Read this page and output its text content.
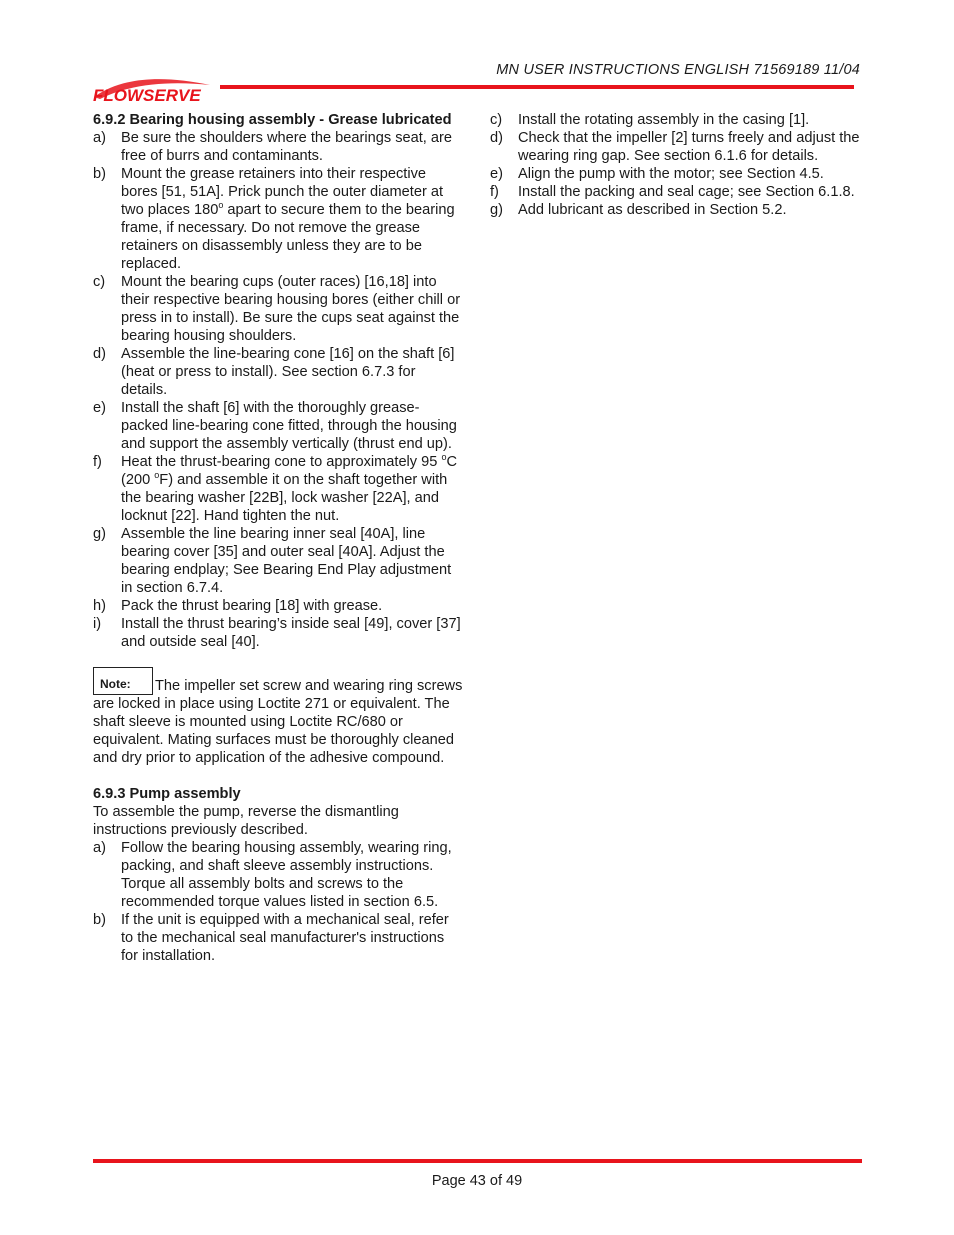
MN USER INSTRUCTIONS ENGLISH 71569189 11/04
FLOWSERVE

6.9.2 Bearing housing assembly - Grease lubricated

a)	Be sure the shoulders where the bearings seat, are free of burrs and contaminants.
b)	Mount the grease retainers into their respective bores [51, 51A]. Prick punch the outer diameter at two places 180$^o$ apart to secure them to the bearing frame, if necessary. Do not remove the grease retainers on disassembly unless they are to be replaced.
c)	Mount the bearing cups (outer races) [16,18] into their respective bearing housing bores (either chill or press in to install). Be sure the cups seat against the bearing housing shoulders.
d)	Assemble the line-bearing cone [16] on the shaft [6] (heat or press to install). See section 6.7.3 for details.
e)	Install the shaft [6] with the thoroughly grease-packed line-bearing cone fitted, through the housing and support the assembly vertically (thrust end up).
f)	Heat the thrust-bearing cone to approximately 95 $^o$C (200 $^o$F) and assemble it on the shaft together with the bearing washer [22B], lock washer [22A], and locknut [22]. Hand tighten the nut.
g)	Assemble the line bearing inner seal [40A], line bearing cover [35] and outer seal [40A]. Adjust the bearing endplay; See Bearing End Play adjustment in section 6.7.4.
h)	Pack the thrust bearing [18] with grease.
i)	Install the thrust bearing’s inside seal [49], cover [37] and outside seal [40].

Note: The impeller set screw and wearing ring screws are locked in place using Loctite 271 or equivalent. The shaft sleeve is mounted using Loctite RC/680 or equivalent. Mating surfaces must be thoroughly cleaned and dry prior to application of the adhesive compound.

6.9.3 Pump assembly

To assemble the pump, reverse the dismantling instructions previously described.

a)	Follow the bearing housing assembly, wearing ring, packing, and shaft sleeve assembly instructions. Torque all assembly bolts and screws to the recommended torque values listed in section 6.5.
b)	If the unit is equipped with a mechanical seal, refer to the mechanical seal manufacturer's instructions for installation.
c)	Install the rotating assembly in the casing [1].
d)	Check that the impeller [2] turns freely and adjust the wearing ring gap. See section 6.1.6 for details.
e)	Align the pump with the motor; see Section 4.5.
f)	Install the packing and seal cage; see Section 6.1.8.
g)	Add lubricant as described in Section 5.2.
Page 43 of 49
